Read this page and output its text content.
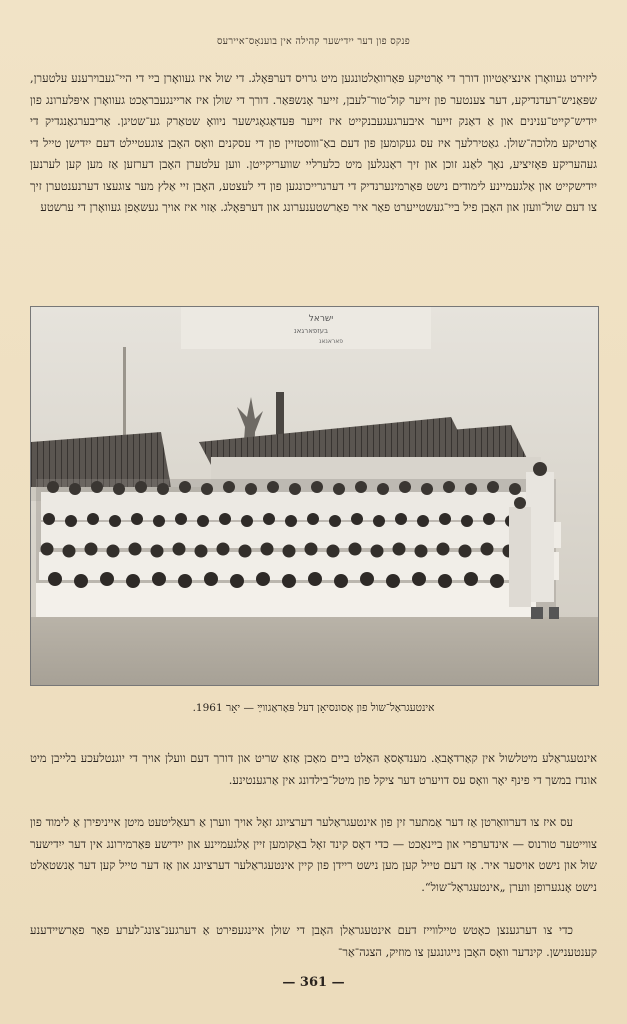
פנקס פון דער ייִדישער קהילה אין בוענאָס־איירעס
ליזירט געוואָרן אינציאַטיוון דורך די אָרטיקע פּאַרוואַלטונגען מיט גרויס דערפּאָלג. די שול איז געוואָרן ביי די היי־געבוירענע עלטערן, שפּאַניש־רעדנדיקע, דער צענטער פון זייער קול־טור־לעבן, זייער אָנשפּאַר. דורך די שולן איז אריינגעבראַכט געוואָרן איפּלערונג פון ייִדיש־קייט־ענינים און אַ דאַנק זייער איבערגעגעבנקייט איז זייער פּעדאַגאָגישער ניוואָ שטאַרק גע־שטיגן. אַריבערגאַנגדיק די אָרטיקע מלוכה־שולן. גאַטירלעך איז עס געקומען פון דעם באַ־וווסטזיין פון די עסקנים וואָס האָבן צוגעטיילט דעם ייִדישן טייל די געהעריקע פּאָזיציע, נאָך לאַנג זוכן און זיך ראַנגלען מיט כלערליי שוועריקייטן. ווען עלטערן האָבן דערזען אַז מען קען לערנען ייִדישקייט און אַלגעמיינע לימודים נישט פּאַרמינערנדיק די דערגרייכונגען פון די לעצטע, האָבן זיי אַלץ מער צוגעצו דערנענטערן זיך צו דעם שול־וועזן און האָבן פיל ביי־געשטייערט פאַר איר פאַרשטענערונג און דערפּאָלג. אַזוי איז אויך געשאַפן געוואָרן די ערשטע
ישראל
בעזפארגאנ
פאראנאנ
אינטעגראַל־שול פון אַסונסיאָן דעל פּאַראַגווײַ — יאָר 1961.
אינטעגראַלע מיטלשול אין קאַרדאָבאַ. מענדאָסאַ האַלט ביים מאַכן אַזאַ שריט און דורך דעם וועלן אויך די יוגנטלעכע בלייבן מיט אונדז במשך די פינף יאָר וואָס עס דויערט דער ציקל פון מיטל־בילדונג אין אַרגענטינע.
עס איז צו דערוואַרטן אַז דער אַמתער זין פון אינטעגראַלער דערציונג זאָל אויך ווערן אַ רעאַליטעט מיטן אייניפירן אַ לימוד פון צווייטער טורנוס — אינדערפרי און ביינאַכט — כדי דאָס קינד זאָל באַקומען זיין אַלגעמיינע און ייִדישע פּאַרמירונג אין דער ייִדישער שול און נישט אויסער איר. אַז דעם טייל קען מען נישט ריידן פון קיין אינטעגראַלער דערציונג און אַז דער טייל קען דער אַנשטאַלט נישט אָנגערופן ווערן „אינטעגראַל־שול“.
כדי צו דערגענצן כאָטש טיילווייז דעם אינטעגראַלן האָבן די שולן איינגעפירט אַ דערגענ־צונג־לערע פאַר פאַרשיידענע קענטענישן. קינדער וואָס האָבן נייגונגען צו מוזיק, הצגה־אַר־
— 361 —
